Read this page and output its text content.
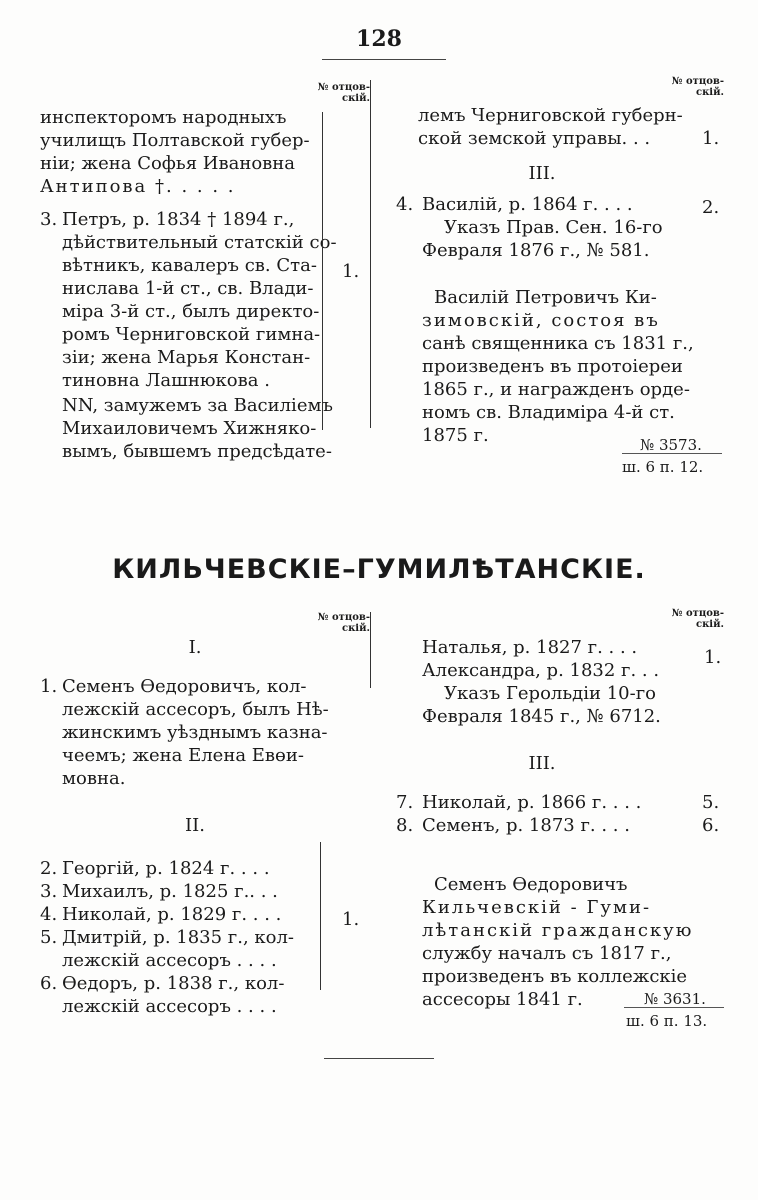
128
№ отцов-
скій.
инспекторомъ народныхъ
училищъ Полтавской губер-
ніи; жена Софья Ивановна
Антипова †. . . . .
3. Петръ, р. 1834 † 1894 г.,
дѣйствительный статскій со-
вѣтникъ, кавалеръ св. Ста-
нислава 1-й ст., св. Влади-
міра 3-й ст., былъ директо-
ромъ Черниговской гимна-
зіи; жена Марья Констан-
тиновна Лашнюкова .
NN, замужемъ за Василіемъ
Михаиловичемъ Хижняко-
вымъ, бывшемъ предсѣдате-
1.
№ отцов-
скій.
лемъ Черниговской губерн-
ской земской управы. . .
III.
4. Василій, р. 1864 г. . . .
Указъ Прав. Сен. 16-го
Февраля 1876 г., № 581.
Василій Петровичъ Ки-
зимовскій, состоя въ
санѣ священника съ 1831 г.,
произведенъ въ протоіереи
1865 г., и награжденъ орде-
номъ св. Владиміра 4-й ст.
1875 г.
1.
2.
№ 3573.
ш. 6 п. 12.
КИЛЬЧЕВСКІЕ–ГУМИЛѢТАНСКІЕ.
№ отцов-
скій.
I.
1. Семенъ Өедоровичъ, кол-
лежскій ассесоръ, былъ Нѣ-
жинскимъ уѣзднымъ казна-
чеемъ; жена Елена Евөи-
мовна.
II.
2. Георгій, р. 1824 г. . . .
3. Михаилъ, р. 1825 г.. . .
4. Николай, р. 1829 г. . . .
5. Дмитрій, р. 1835 г., кол-
лежскій ассесоръ . . . .
6. Өедоръ, р. 1838 г., кол-
лежскій ассесоръ . . . .
1.
№ отцов-
скій.
Наталья, р. 1827 г. . . .
Александра, р. 1832 г. . .
Указъ Герольдіи 10-го
Февраля 1845 г., № 6712.
III.
7. Николай, р. 1866 г. . . .	5.
8. Семенъ, р. 1873 г. . . .	6.
Семенъ Өедоровичъ
Кильчевскій - Гуми-
лѣтанскій гражданскую
службу началъ съ 1817 г.,
произведенъ въ коллежскіе
ассесоры 1841 г.
1.
№ 3631.
ш. 6 п. 13.
